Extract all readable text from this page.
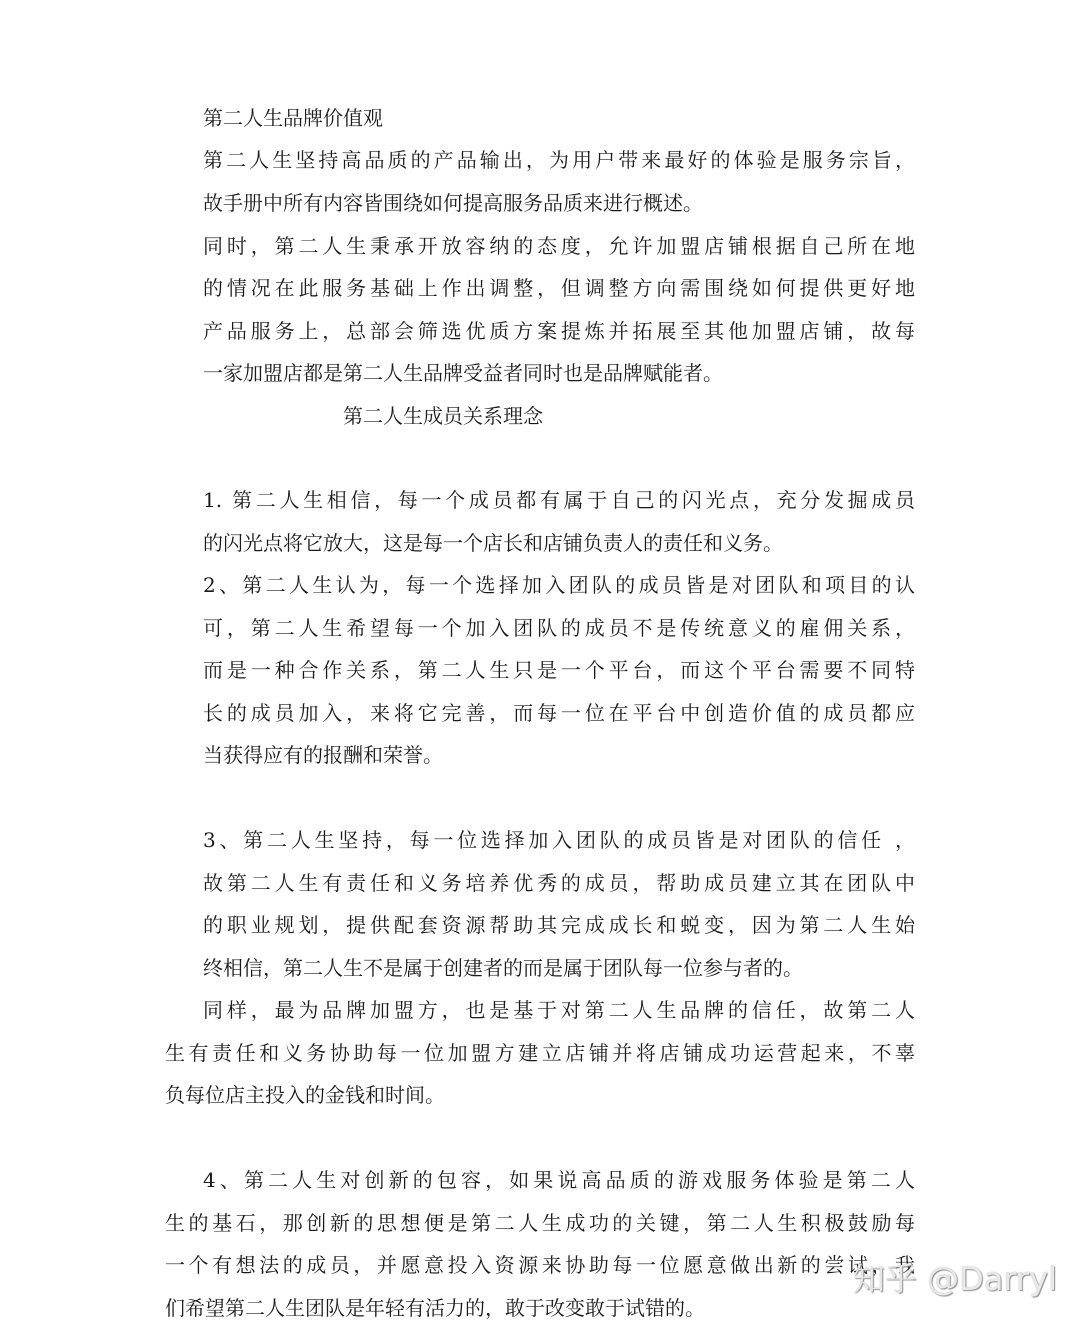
第二人生品牌价值观
第二人生坚持高品质的产品输出，为用户带来最好的体验是服务宗旨，
故手册中所有内容皆围绕如何提高服务品质来进行概述。
同时，第二人生秉承开放容纳的态度，允许加盟店铺根据自己所在地
的情况在此服务基础上作出调整，但调整方向需围绕如何提供更好地
产品服务上，总部会筛选优质方案提炼并拓展至其他加盟店铺，故每
一家加盟店都是第二人生品牌受益者同时也是品牌赋能者。
第二人生成员关系理念
1. 第二人生相信，每一个成员都有属于自己的闪光点，充分发掘成员
的闪光点将它放大，这是每一个店长和店铺负责人的责任和义务。
2、第二人生认为，每一个选择加入团队的成员皆是对团队和项目的认
可，第二人生希望每一个加入团队的成员不是传统意义的雇佣关系，
而是一种合作关系，第二人生只是一个平台，而这个平台需要不同特
长的成员加入，来将它完善，而每一位在平台中创造价值的成员都应
当获得应有的报酬和荣誉。
3、第二人生坚持，每一位选择加入团队的成员皆是对团队的信任 ，
故第二人生有责任和义务培养优秀的成员，帮助成员建立其在团队中
的职业规划，提供配套资源帮助其完成成长和蜕变，因为第二人生始
终相信，第二人生不是属于创建者的而是属于团队每一位参与者的。
同样，最为品牌加盟方，也是基于对第二人生品牌的信任，故第二人
生有责任和义务协助每一位加盟方建立店铺并将店铺成功运营起来，不辜
负每位店主投入的金钱和时间。
4、第二人生对创新的包容，如果说高品质的游戏服务体验是第二人
生的基石，那创新的思想便是第二人生成功的关键，第二人生积极鼓励每
一个有想法的成员，并愿意投入资源来协助每一位愿意做出新的尝试，我
们希望第二人生团队是年轻有活力的，敢于改变敢于试错的。
知乎 @Darryl
